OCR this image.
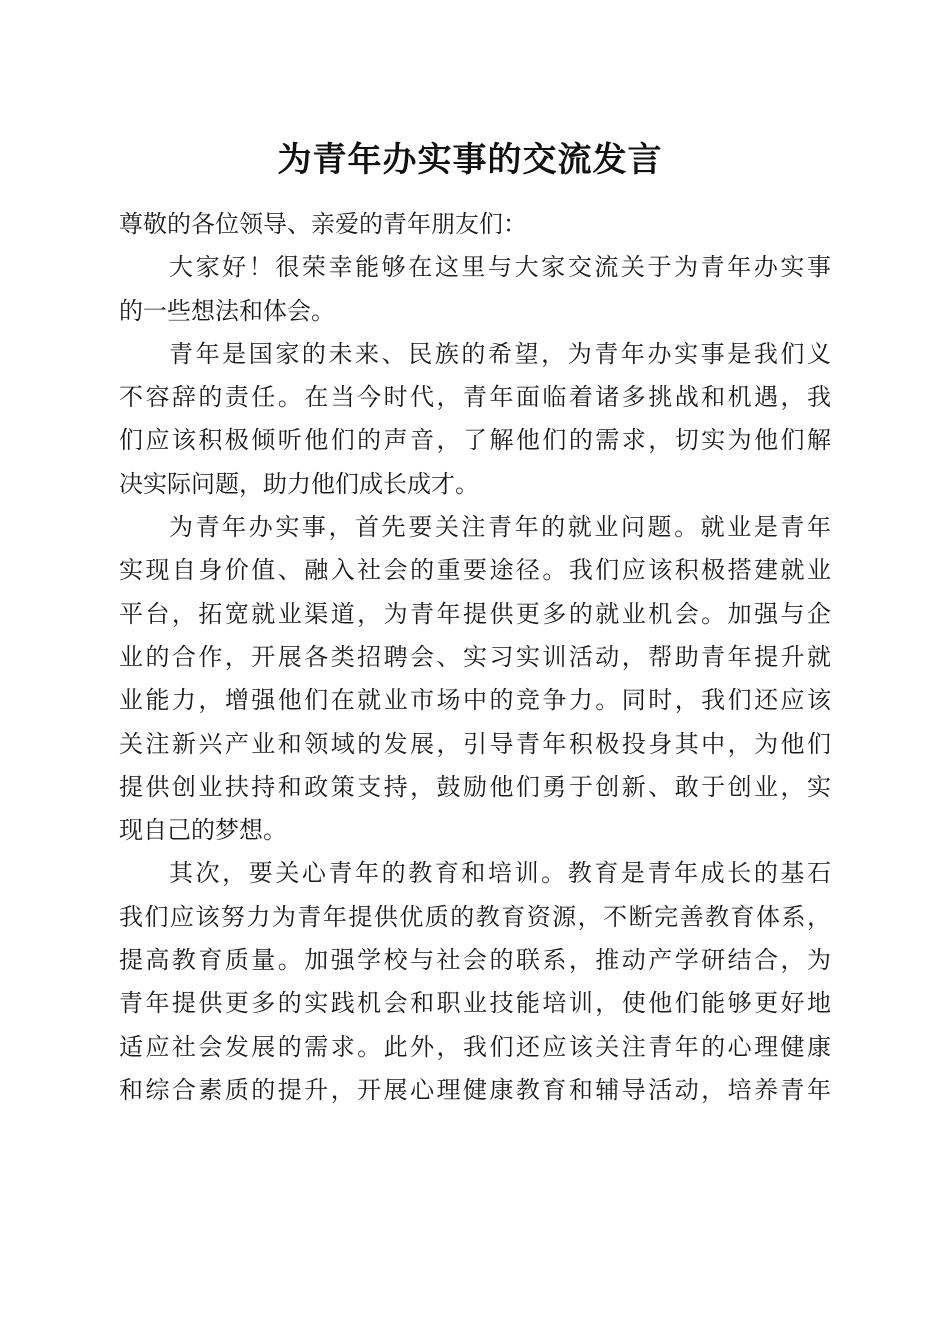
为青年办实事的交流发言
尊敬的各位领导、亲爱的青年朋友们：
大家好！很荣幸能够在这里与大家交流关于为青年办实事
的一些想法和体会。
青年是国家的未来、民族的希望，为青年办实事是我们义
不容辞的责任。在当今时代，青年面临着诸多挑战和机遇，我
们应该积极倾听他们的声音，了解他们的需求，切实为他们解
决实际问题，助力他们成长成才。
为青年办实事，首先要关注青年的就业问题。就业是青年
实现自身价值、融入社会的重要途径。我们应该积极搭建就业
平台，拓宽就业渠道，为青年提供更多的就业机会。加强与企
业的合作，开展各类招聘会、实习实训活动，帮助青年提升就
业能力，增强他们在就业市场中的竞争力。同时，我们还应该
关注新兴产业和领域的发展，引导青年积极投身其中，为他们
提供创业扶持和政策支持，鼓励他们勇于创新、敢于创业，实
现自己的梦想。
其次，要关心青年的教育和培训。教育是青年成长的基石
我们应该努力为青年提供优质的教育资源，不断完善教育体系，
提高教育质量。加强学校与社会的联系，推动产学研结合，为
青年提供更多的实践机会和职业技能培训，使他们能够更好地
适应社会发展的需求。此外，我们还应该关注青年的心理健康
和综合素质的提升，开展心理健康教育和辅导活动，培养青年
